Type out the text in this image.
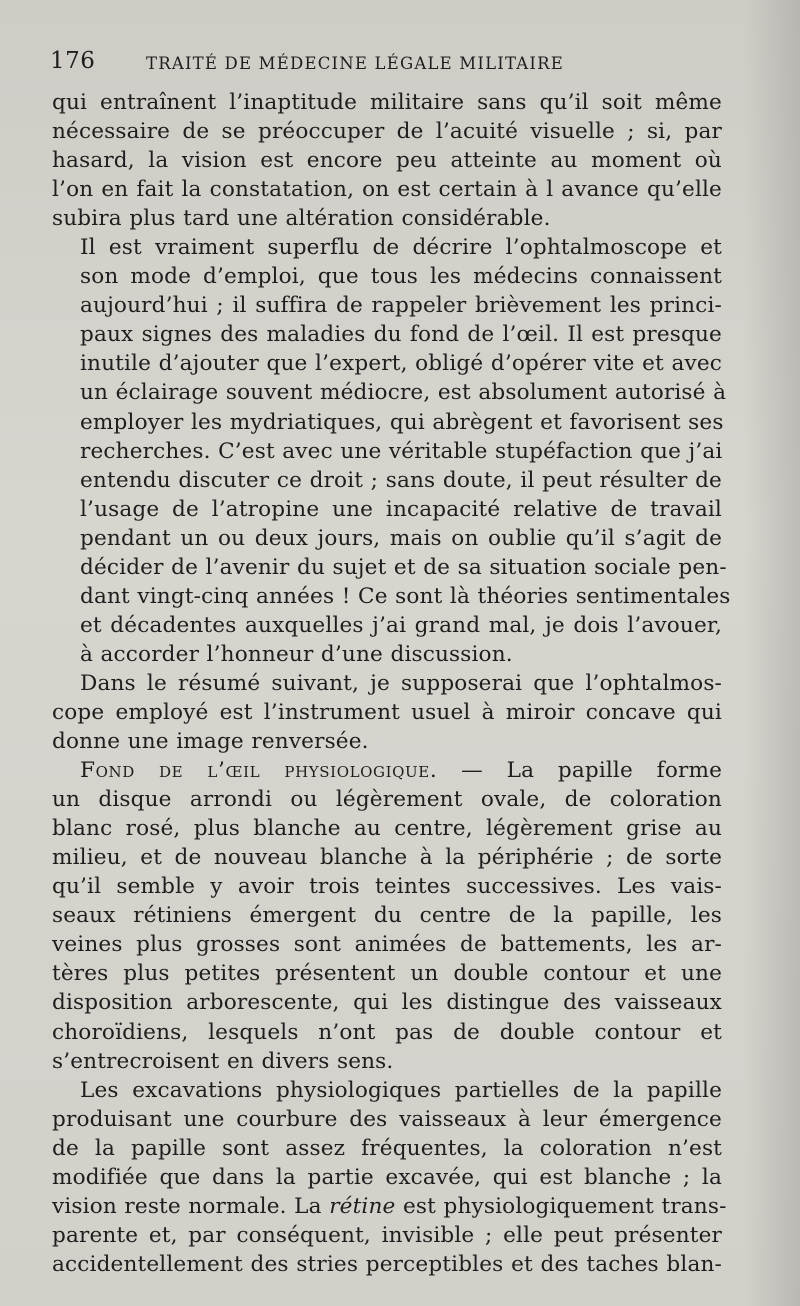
176	TRAITÉ DE MÉDECINE LÉGALE MILITAIRE

qui entraînent l’inaptitude militaire sans qu’il soit même
nécessaire de se préoccuper de l’acuité visuelle ; si, par
hasard, la vision est encore peu atteinte au moment où
l’on en fait la constatation, on est certain à l avance qu’elle
subira plus tard une altération considérable.

Il est vraiment superflu de décrire l’ophtalmoscope et
son mode d’emploi, que tous les médecins connaissent
aujourd’hui ; il suffira de rappeler brièvement les princi-
paux signes des maladies du fond de l’œil. Il est presque
inutile d’ajouter que l’expert, obligé d’opérer vite et avec
un éclairage souvent médiocre, est absolument autorisé à
employer les mydriatiques, qui abrègent et favorisent ses
recherches. C’est avec une véritable stupéfaction que j’ai
entendu discuter ce droit ; sans doute, il peut résulter de
l’usage de l’atropine une incapacité relative de travail
pendant un ou deux jours, mais on oublie qu’il s’agit de
décider de l’avenir du sujet et de sa situation sociale pen-
dant vingt-cinq années ! Ce sont là théories sentimentales
et décadentes auxquelles j’ai grand mal, je dois l’avouer,
à accorder l’honneur d’une discussion.

Dans le résumé suivant, je supposerai que l’ophtalmos-
cope employé est l’instrument usuel à miroir concave qui
donne une image renversée.

Fond de l’œil physiologique. — La papille forme
un disque arrondi ou légèrement ovale, de coloration
blanc rosé, plus blanche au centre, légèrement grise au
milieu, et de nouveau blanche à la périphérie ; de sorte
qu’il semble y avoir trois teintes successives. Les vais-
seaux rétiniens émergent du centre de la papille, les
veines plus grosses sont animées de battements, les ar-
tères plus petites présentent un double contour et une
disposition arborescente, qui les distingue des vaisseaux
choroïdiens, lesquels n’ont pas de double contour et
s’entrecroisent en divers sens.

Les excavations physiologiques partielles de la papille
produisant une courbure des vaisseaux à leur émergence
de la papille sont assez fréquentes, la coloration n’est
modifiée que dans la partie excavée, qui est blanche ; la
vision reste normale. La rétine est physiologiquement trans-
parente et, par conséquent, invisible ; elle peut présenter
accidentellement des stries perceptibles et des taches blan-
